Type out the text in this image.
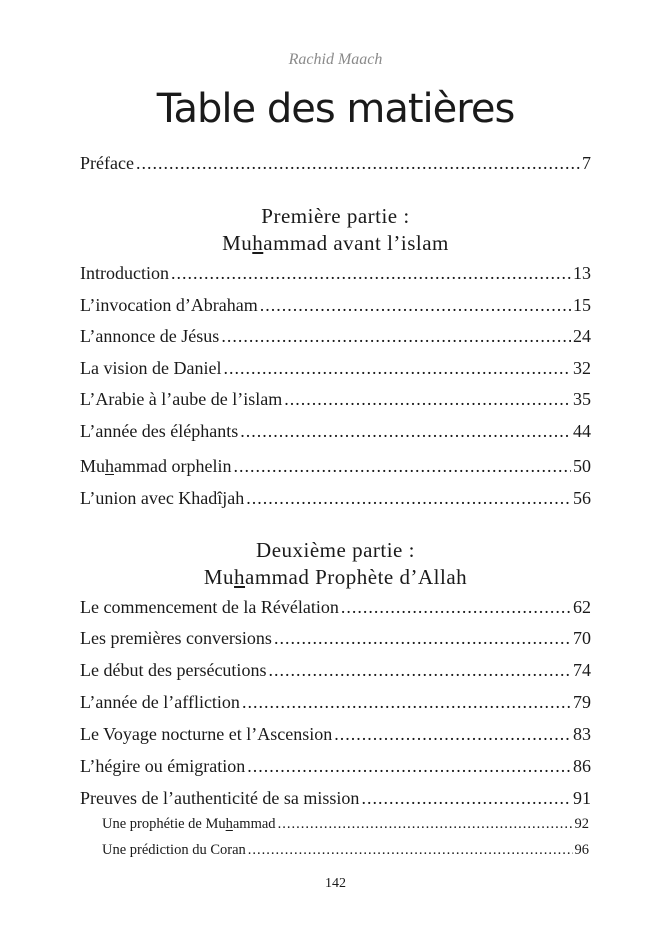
Rachid Maach
Table des matières
Préface .....	7
Première partie :
Muhammad avant l’islam
Introduction .....	13
L’invocation d’Abraham .....	15
L’annonce de Jésus .....	24
La vision de Daniel .....	32
L’Arabie à l’aube de l’islam .....	35
L’année des éléphants .....	44
Muhammad orphelin .....	50
L’union avec Khadîjah .....	56
Deuxième partie :
Muhammad Prophète d’Allah
Le commencement de la Révélation .....	62
Les premières conversions .....	70
Le début des persécutions .....	74
L’année de l’affliction .....	79
Le Voyage nocturne et l’Ascension .....	83
L’hégire ou émigration .....	86
Preuves de l’authenticité de sa mission .....	91
Une prophétie de Muhammad .....	92
Une prédiction du Coran .....	96
142
